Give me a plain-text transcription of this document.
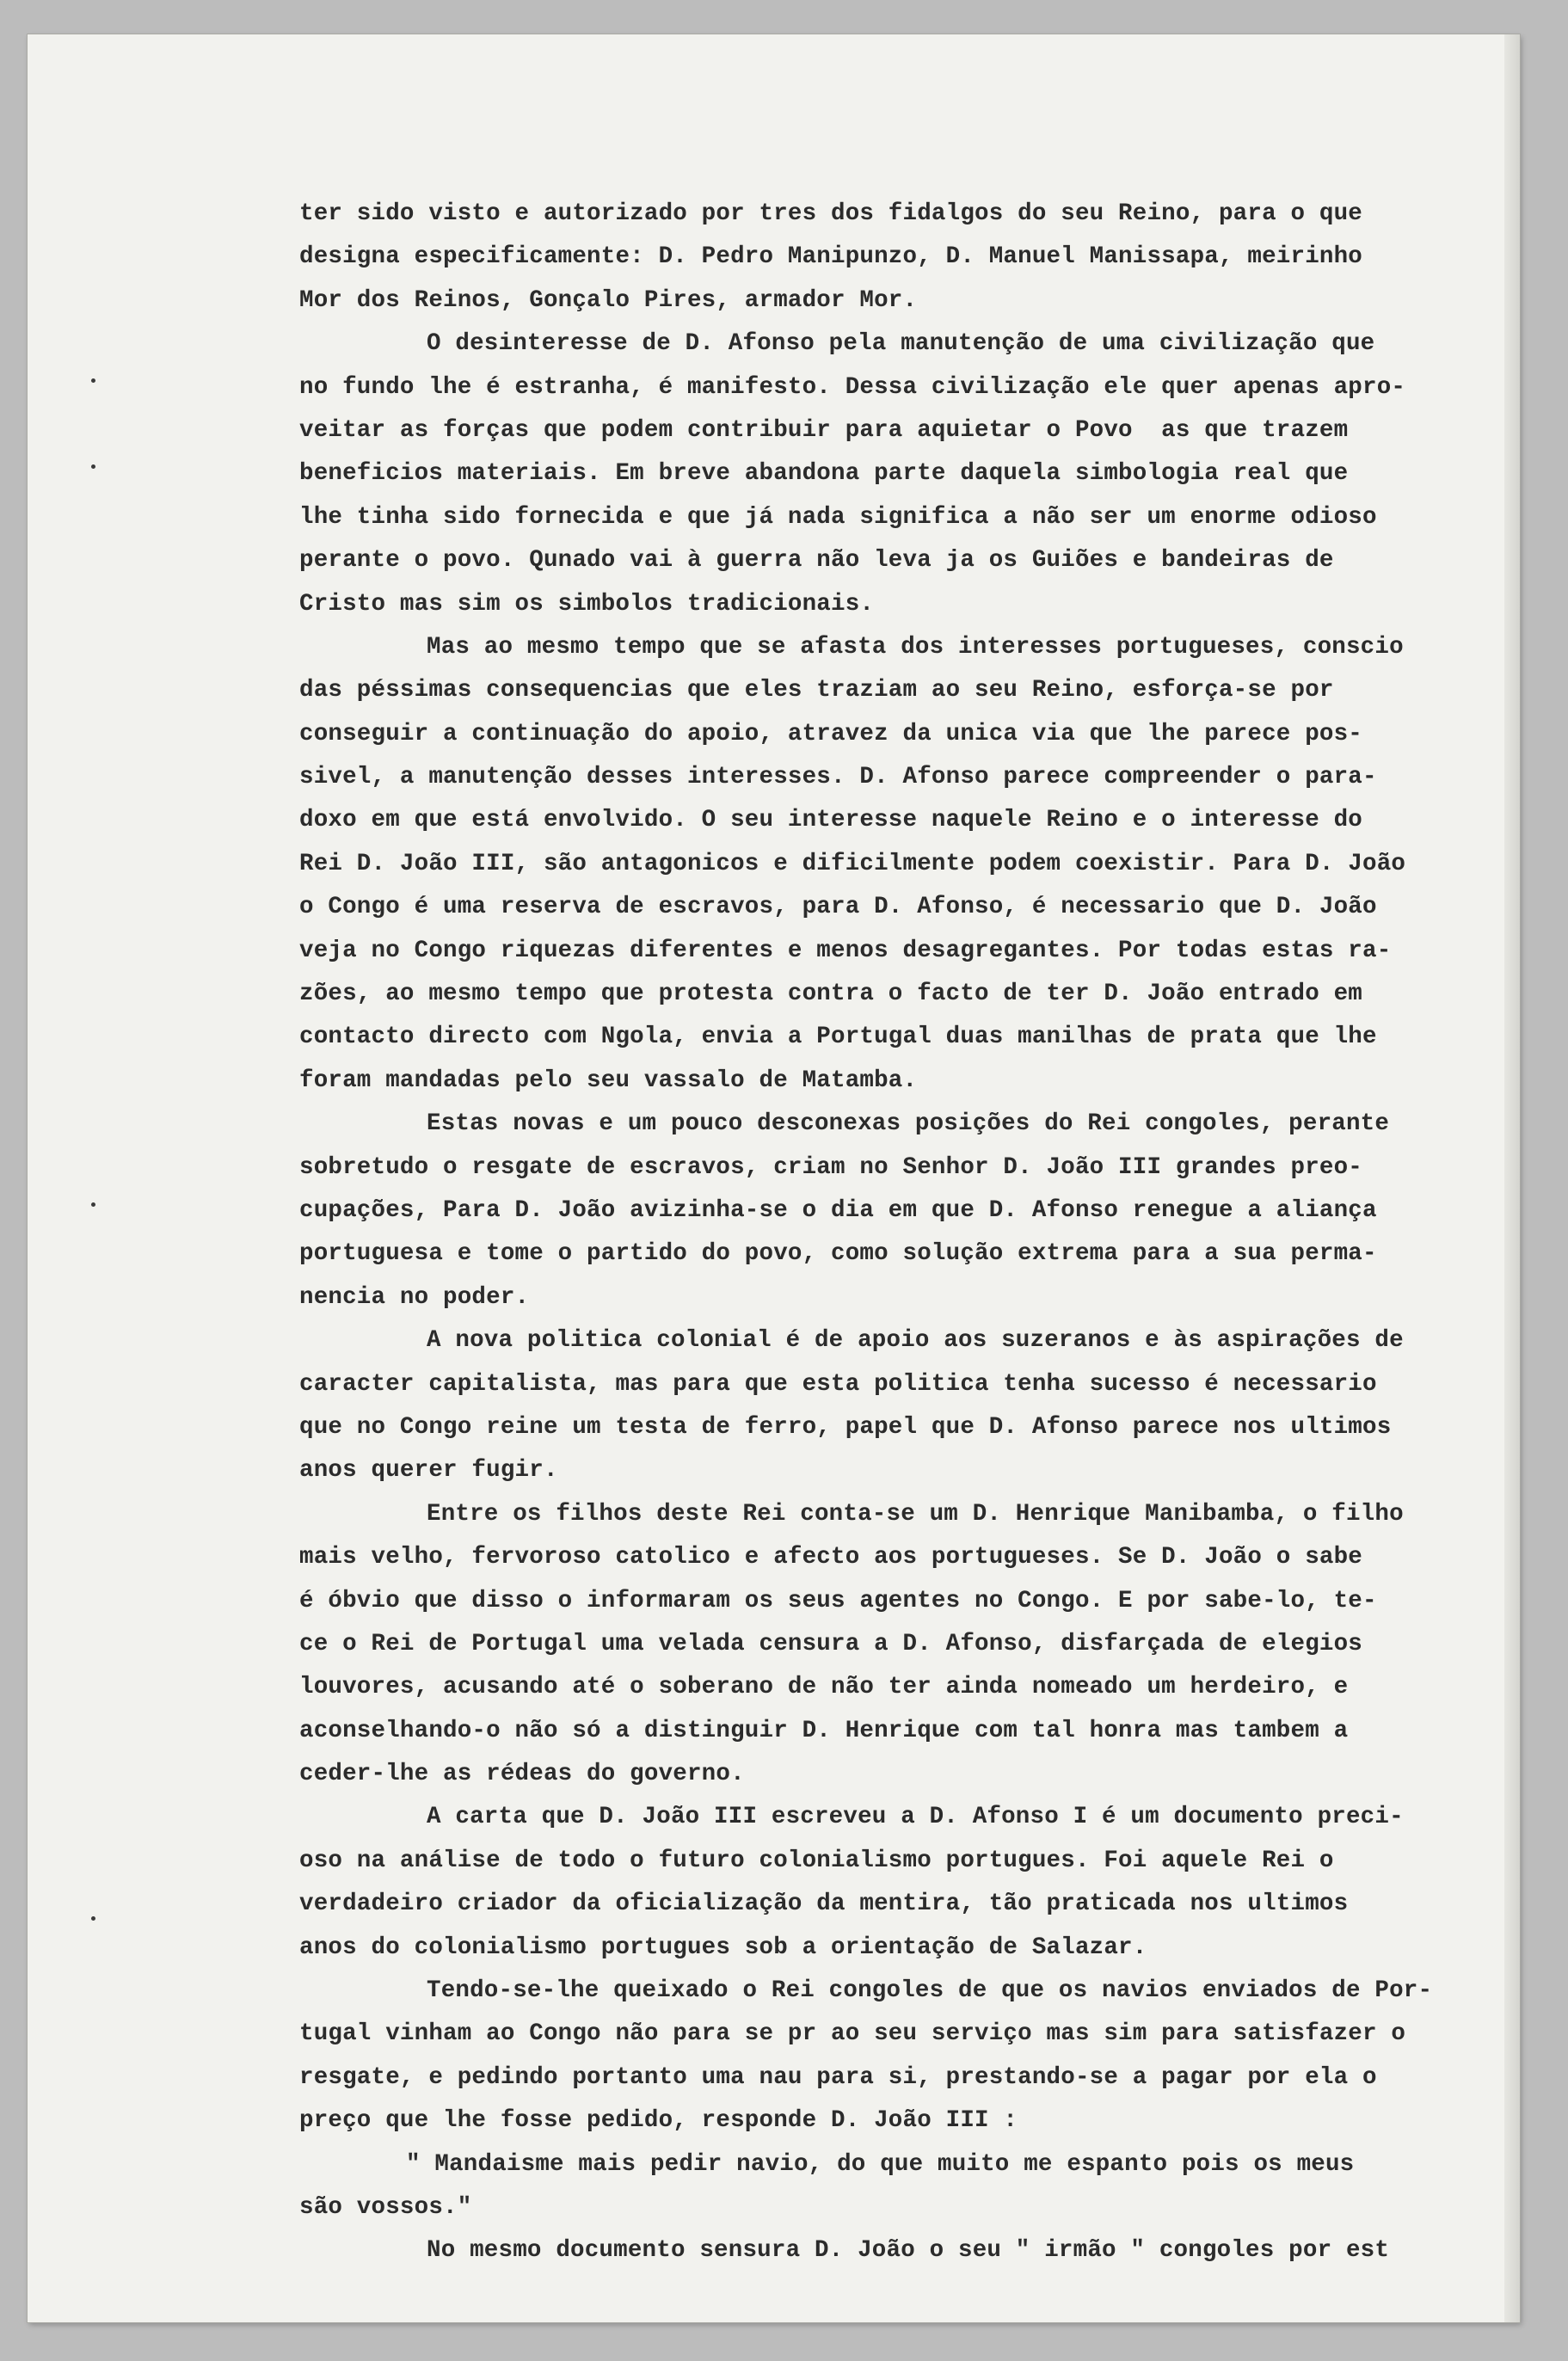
ter sido visto e autorizado por tres dos fidalgos do seu Reino, para o que
designa especificamente: D. Pedro Manipunzo, D. Manuel Manissapa, meirinho
Mor dos Reinos, Gonçalo Pires, armador Mor.
O desinteresse de D. Afonso pela manutenção de uma civilização que
no fundo lhe é estranha, é manifesto. Dessa civilização ele quer apenas apro-
veitar as forças que podem contribuir para aquietar o Povo  as que trazem
beneficios materiais. Em breve abandona parte daquela simbologia real que
lhe tinha sido fornecida e que já nada significa a não ser um enorme odioso
perante o povo. Qunado vai à guerra não leva ja os Guiões e bandeiras de
Cristo mas sim os simbolos tradicionais.
Mas ao mesmo tempo que se afasta dos interesses portugueses, conscio
das péssimas consequencias que eles traziam ao seu Reino, esforça-se por
conseguir a continuação do apoio, atravez da unica via que lhe parece pos-
sivel, a manutenção desses interesses. D. Afonso parece compreender o para-
doxo em que está envolvido. O seu interesse naquele Reino e o interesse do
Rei D. João III, são antagonicos e dificilmente podem coexistir. Para D. João
o Congo é uma reserva de escravos, para D. Afonso, é necessario que D. João
veja no Congo riquezas diferentes e menos desagregantes. Por todas estas ra-
zões, ao mesmo tempo que protesta contra o facto de ter D. João entrado em
contacto directo com Ngola, envia a Portugal duas manilhas de prata que lhe
foram mandadas pelo seu vassalo de Matamba.
Estas novas e um pouco desconexas posições do Rei congoles, perante
sobretudo o resgate de escravos, criam no Senhor D. João III grandes preo-
cupações, Para D. João avizinha-se o dia em que D. Afonso renegue a aliança
portuguesa e tome o partido do povo, como solução extrema para a sua perma-
nencia no poder.
A nova politica colonial é de apoio aos suzeranos e às aspirações de
caracter capitalista, mas para que esta politica tenha sucesso é necessario
que no Congo reine um testa de ferro, papel que D. Afonso parece nos ultimos
anos querer fugir.
Entre os filhos deste Rei conta-se um D. Henrique Manibamba, o filho
mais velho, fervoroso catolico e afecto aos portugueses. Se D. João o sabe
é óbvio que disso o informaram os seus agentes no Congo. E por sabe-lo, te-
ce o Rei de Portugal uma velada censura a D. Afonso, disfarçada de elegios
louvores, acusando até o soberano de não ter ainda nomeado um herdeiro, e
aconselhando-o não só a distinguir D. Henrique com tal honra mas tambem a
ceder-lhe as rédeas do governo.
A carta que D. João III escreveu a D. Afonso I é um documento preci-
oso na análise de todo o futuro colonialismo portugues. Foi aquele Rei o
verdadeiro criador da oficialização da mentira, tão praticada nos ultimos
anos do colonialismo portugues sob a orientação de Salazar.
Tendo-se-lhe queixado o Rei congoles de que os navios enviados de Por-
tugal vinham ao Congo não para se pr ao seu serviço mas sim para satisfazer o
resgate, e pedindo portanto uma nau para si, prestando-se a pagar por ela o
preço que lhe fosse pedido, responde D. João III :
" Mandaisme mais pedir navio, do que muito me espanto pois os meus
são vossos."
No mesmo documento sensura D. João o seu " irmão " congoles por est
